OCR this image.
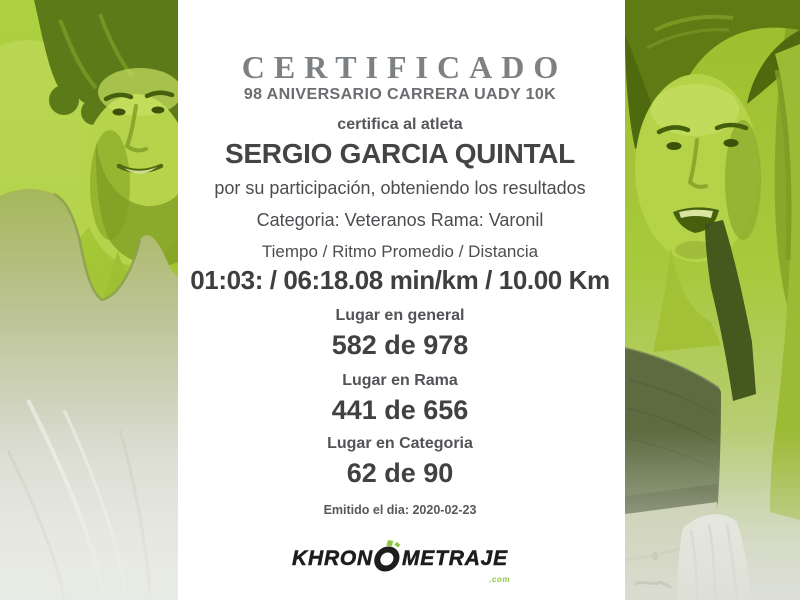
CERTIFICADO
98 ANIVERSARIO CARRERA UADY 10K
certifica al atleta
SERGIO GARCIA QUINTAL
por su participación, obteniendo los resultados
Categoria: Veteranos Rama: Varonil
Tiempo / Ritmo Promedio / Distancia
01:03: / 06:18.08 min/km / 10.00 Km
Lugar en general
582 de 978
Lugar en Rama
441 de 656
Lugar en Categoria
62 de 90
Emitido el dia: 2020-02-23
KHRON METRAJE
.com
